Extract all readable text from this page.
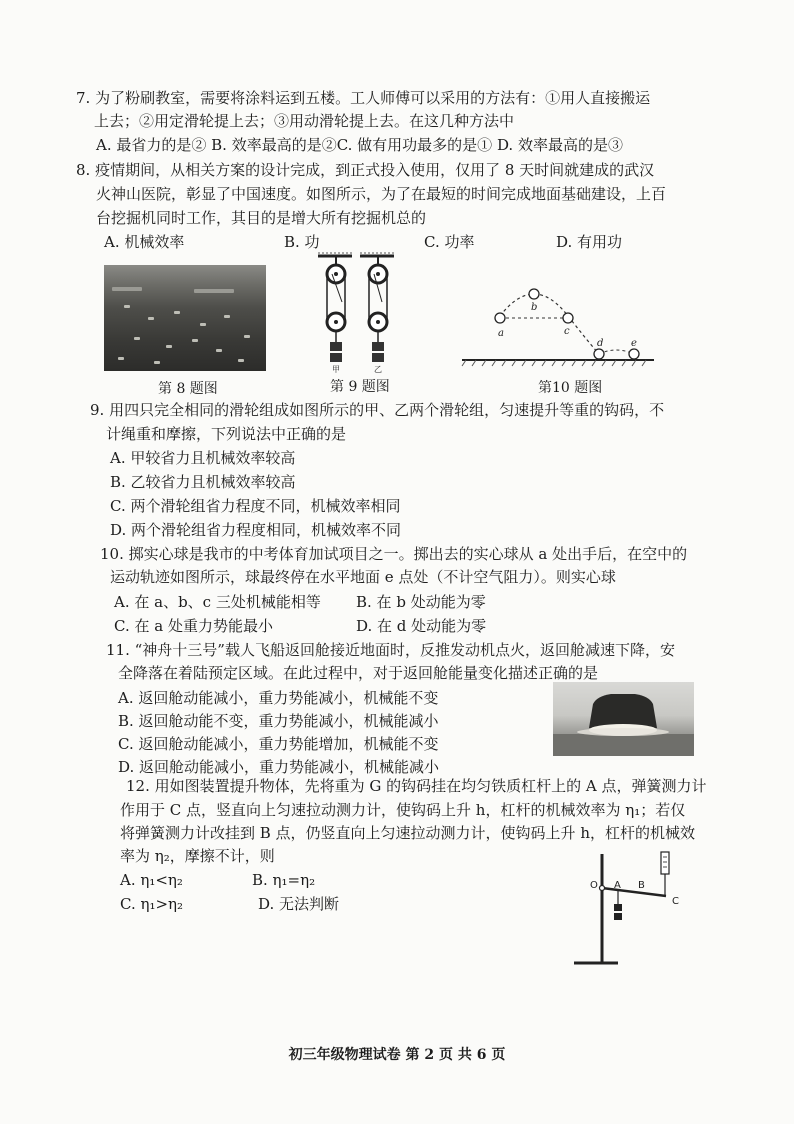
7. 为了粉刷教室，需要将涂料运到五楼。工人师傅可以采用的方法有：①用人直接搬运
上去；②用定滑轮提上去；③用动滑轮提上去。在这几种方法中
A. 最省力的是② B. 效率最高的是②C. 做有用功最多的是① D. 效率最高的是③
8. 疫情期间，从相关方案的设计完成，到正式投入使用，仅用了 8 天时间就建成的武汉
火神山医院，彰显了中国速度。如图所示，为了在最短的时间完成地面基础建设，上百
台挖掘机同时工作，其目的是增大所有挖掘机总的
A. 机械效率	B. 功	C. 功率	D. 有用功
甲	乙
a
b
c
d	e
第 8 题图	第 9 题图	第10 题图
9. 用四只完全相同的滑轮组成如图所示的甲、乙两个滑轮组，匀速提升等重的钩码，不
计绳重和摩擦，下列说法中正确的是
A. 甲较省力且机械效率较高
B. 乙较省力且机械效率较高
C. 两个滑轮组省力程度不同，机械效率相同
D. 两个滑轮组省力程度相同，机械效率不同
10. 掷实心球是我市的中考体育加试项目之一。掷出去的实心球从 a 处出手后，在空中的
运动轨迹如图所示，球最终停在水平地面 e 点处（不计空气阻力）。则实心球
A. 在 a、b、c 三处机械能相等 B. 在 b 处动能为零
C. 在 a 处重力势能最小	D. 在 d 处动能为零
11. “神舟十三号”载人飞船返回舱接近地面时，反推发动机点火，返回舱减速下降，安
全降落在着陆预定区域。在此过程中，对于返回舱能量变化描述正确的是
A. 返回舱动能减小，重力势能减小，机械能不变
B. 返回舱动能不变，重力势能减小，机械能减小
C. 返回舱动能减小，重力势能增加，机械能不变
D. 返回舱动能减小，重力势能减小，机械能减小
12. 用如图装置提升物体，先将重为 G 的钩码挂在均匀铁质杠杆上的 A 点，弹簧测力计
作用于 C 点，竖直向上匀速拉动测力计，使钩码上升 h，杠杆的机械效率为 η₁；若仅
将弹簧测力计改挂到 B 点，仍竖直向上匀速拉动测力计，使钩码上升 h，杠杆的机械效
率为 η₂，摩擦不计，则
A. η₁<η₂	B. η₁=η₂
C. η₁>η₂	D. 无法判断
O A B
C
初三年级物理试卷 第 2 页 共 6 页
